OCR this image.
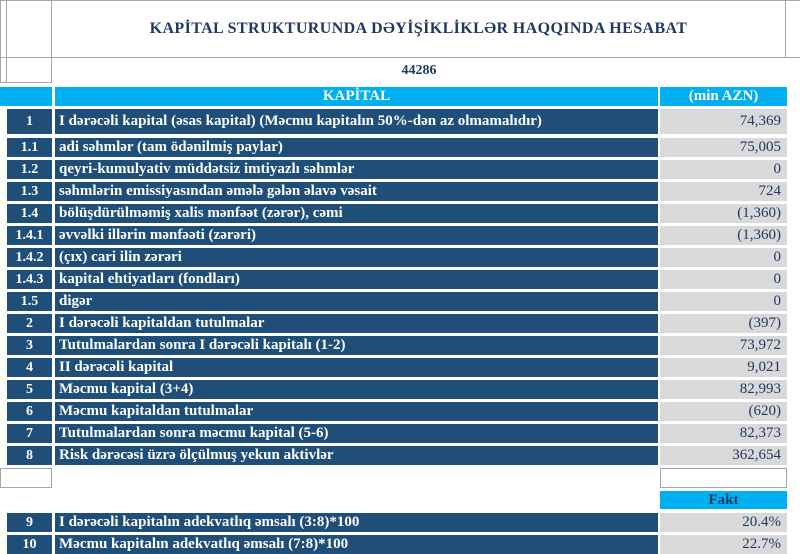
KAPİTAL STRUKTURUNDA DƏYİŞİKLİKLƏR HAQQINDA HESABAT
44286
KAPİTAL	(min AZN)
1	I dərəcəli kapital (əsas kapital) (Məcmu kapitalın 50%-dən az olmamalıdır)	74,369
1.1	adi səhmlər (tam ödənilmiş paylar)	75,005
1.2	qeyri-kumulyativ müddətsiz imtiyazlı səhmlər	0
1.3	səhmlərin emissiyasından əmələ gələn əlavə vəsait	724
1.4	bölüşdürülməmiş xalis mənfəət (zərər), cəmi	(1,360)
1.4.1	əvvəlki illərin mənfəəti (zərəri)	(1,360)
1.4.2	(çıx) cari ilin zərəri	0
1.4.3	kapital ehtiyatları (fondları)	0
1.5	digər	0
2	I dərəcəli kapitaldan tutulmalar	(397)
3	Tutulmalardan sonra I dərəcəli kapitalı (1-2)	73,972
4	II dərəcəli kapital	9,021
5	Məcmu kapital (3+4)	82,993
6	Məcmu kapitaldan tutulmalar	(620)
7	Tutulmalardan sonra məcmu kapital (5-6)	82,373
8	Risk dərəcəsi üzrə ölçülmuş yekun aktivlər	362,654
Fakt
9	I dərəcəli kapitalın adekvatlıq əmsalı (3:8)*100	20.4%
10	Məcmu kapitalın adekvatlıq əmsalı (7:8)*100	22.7%
